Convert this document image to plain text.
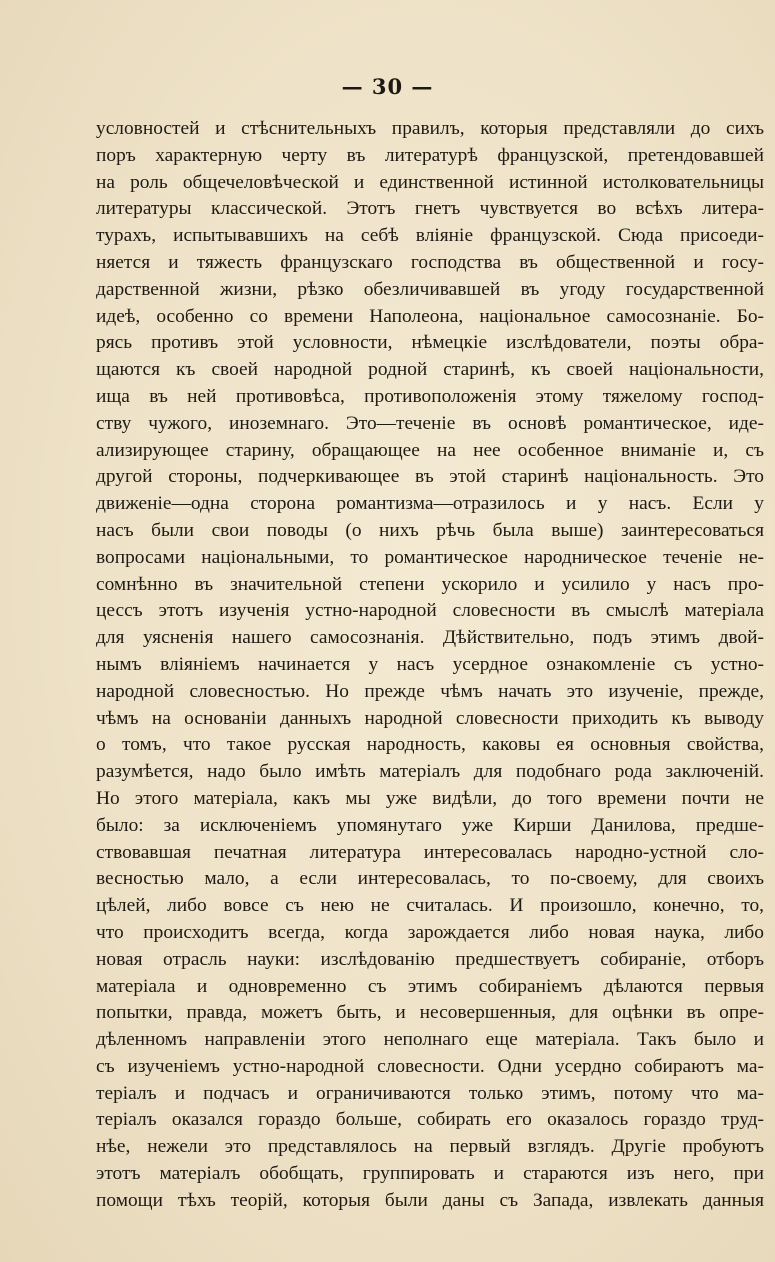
— 30 —
условностей и стѣснительныхъ правилъ, которыя представляли до сихъ
поръ характерную черту въ литературѣ французской, претендовавшей
на роль общечеловѣческой и единственной истинной истолковательницы
литературы классической. Этотъ гнетъ чувствуется во всѣхъ литера-
турахъ, испытывавшихъ на себѣ вліяніе французской. Сюда присоеди-
няется и тяжесть французскаго господства въ общественной и госу-
дарственной жизни, рѣзко обезличивавшей въ угоду государственной
идеѣ, особенно со времени Наполеона, національное самосознаніе. Бо-
рясь противъ этой условности, нѣмецкіе изслѣдователи, поэты обра-
щаются къ своей народной родной старинѣ, къ своей національности,
ища въ ней противовѣса, противоположенія этому тяжелому господ-
ству чужого, иноземнаго. Это—теченіе въ основѣ романтическое, иде-
ализирующее старину, обращающее на нее особенное вниманіе и, съ
другой стороны, подчеркивающее въ этой старинѣ національность. Это
движеніе—одна сторона романтизма—отразилось и у насъ. Если у
насъ были свои поводы (о нихъ рѣчь была выше) заинтересоваться
вопросами національными, то романтическое народническое теченіе не-
сомнѣнно въ значительной степени ускорило и усилило у насъ про-
цессъ этотъ изученія устно-народной словесности въ смыслѣ матеріала
для уясненія нашего самосознанія. Дѣйствительно, подъ этимъ двой-
нымъ вліяніемъ начинается у насъ усердное ознакомленіе съ устно-
народной словесностью. Но прежде чѣмъ начать это изученіе, прежде,
чѣмъ на основаніи данныхъ народной словесности приходить къ выводу
о томъ, что такое русская народность, каковы ея основныя свойства,
разумѣется, надо было имѣть матеріалъ для подобнаго рода заключеній.
Но этого матеріала, какъ мы уже видѣли, до того времени почти не
было: за исключеніемъ упомянутаго уже Кирши Данилова, предше-
ствовавшая печатная литература интересовалась народно-устной сло-
весностью мало, а если интересовалась, то по-своему, для своихъ
цѣлей, либо вовсе съ нею не считалась. И произошло, конечно, то,
что происходитъ всегда, когда зарождается либо новая наука, либо
новая отрасль науки: изслѣдованію предшествуетъ собираніе, отборъ
матеріала и одновременно съ этимъ собираніемъ дѣлаются первыя
попытки, правда, можетъ быть, и несовершенныя, для оцѣнки въ опре-
дѣленномъ направленіи этого неполнаго еще матеріала. Такъ было и
съ изученіемъ устно-народной словесности. Одни усердно собираютъ ма-
теріалъ и подчасъ и ограничиваются только этимъ, потому что ма-
теріалъ оказался гораздо больше, собирать его оказалось гораздо труд-
нѣе, нежели это представлялось на первый взглядъ. Другіе пробуютъ
этотъ матеріалъ обобщать, группировать и стараются изъ него, при
помощи тѣхъ теорій, которыя были даны съ Запада, извлекать данныя
